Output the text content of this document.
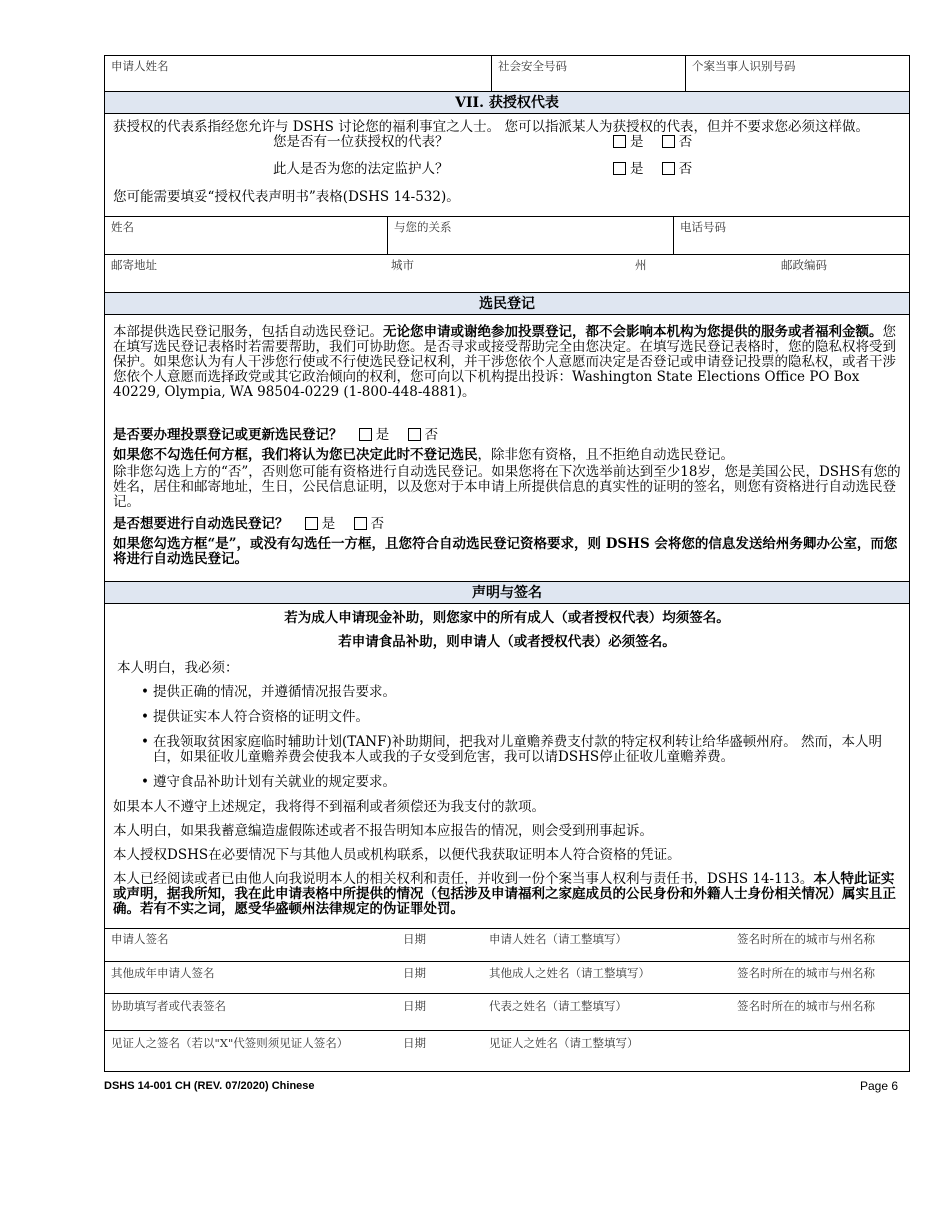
申请人姓名	社会安全号码	个案当事人识别号码
VII. 获授权代表

获授权的代表系指经您允许与 DSHS 讨论您的福利事宜之人士。 您可以指派某人为获授权的代表，但并不要求您必须这样做。

您是否有一位获授权的代表？	是	否
此人是否为您的法定监护人？	是	否
您可能需要填妥“授权代表声明书”表格(DSHS 14-532)。
姓名	与您的关系	电话号码
邮寄地址	城市	州	邮政编码
选民登记

本部提供选民登记服务，包括自动选民登记。无论您申请或谢绝参加投票登记，都不会影响本机构为您提供的服务或者福利金额。您在填写选民登记表格时若需要帮助，我们可协助您。是否寻求或接受帮助完全由您决定。在填写选民登记表格时，您的隐私权将受到保护。如果您认为有人干涉您行使或不行使选民登记权利，并干涉您依个人意愿而决定是否登记或申请登记投票的隐私权，或者干涉您依个人意愿而选择政党或其它政治倾向的权利，您可向以下机构提出投诉：Washington State Elections Office PO Box 40229, Olympia, WA 98504-0229 (1-800-448-4881)。

是否要办理投票登记或更新选民登记？ 是	否

如果您不勾选任何方框，我们将认为您已决定此时不登记选民，除非您有资格，且不拒绝自动选民登记。

除非您勾选上方的“否”，否则您可能有资格进行自动选民登记。如果您将在下次选举前达到至少18岁，您是美国公民，DSHS有您的姓名，居住和邮寄地址，生日，公民信息证明，以及您对于本申请上所提供信息的真实性的证明的签名，则您有资格进行自动选民登记。

是否想要进行自动选民登记？ 是	否

如果您勾选方框“是”，或没有勾选任一方框，且您符合自动选民登记资格要求，则 DSHS 会将您的信息发送给州务卿办公室，而您将进行自动选民登记。

声明与签名

若为成人申请现金补助，则您家中的所有成人（或者授权代表）均须签名。

若申请食品补助，则申请人（或者授权代表）必须签名。

本人明白，我必须：

• 提供正确的情况，并遵循情况报告要求。
• 提供证实本人符合资格的证明文件。
• 在我领取贫困家庭临时辅助计划(TANF)补助期间，把我对儿童赡养费支付款的特定权利转让给华盛顿州府。 然而，本人明白，如果征收儿童赡养费会使我本人或我的子女受到危害，我可以请DSHS停止征收儿童赡养费。
• 遵守食品补助计划有关就业的规定要求。

如果本人不遵守上述规定，我将得不到福利或者须偿还为我支付的款项。

本人明白，如果我蓄意编造虚假陈述或者不报告明知本应报告的情况，则会受到刑事起诉。

本人授权DSHS在必要情况下与其他人员或机构联系，以便代我获取证明本人符合资格的凭证。

本人已经阅读或者已由他人向我说明本人的相关权利和责任，并收到一份个案当事人权利与责任书，DSHS 14-113。本人特此证实或声明，据我所知，我在此申请表格中所提供的情况（包括涉及申请福利之家庭成员的公民身份和外籍人士身份相关情况）属实且正确。若有不实之词，愿受华盛顿州法律规定的伪证罪处罚。

申请人签名	日期	申请人姓名（请工整填写）	签名时所在的城市与州名称
其他成年申请人签名	日期	其他成人之姓名（请工整填写）	签名时所在的城市与州名称
协助填写者或代表签名	日期	代表之姓名（请工整填写）	签名时所在的城市与州名称
见证人之签名（若以"X"代签则须见证人签名）	日期	见证人之姓名（请工整填写）
DSHS 14-001 CH (REV. 07/2020) Chinese	Page 6
